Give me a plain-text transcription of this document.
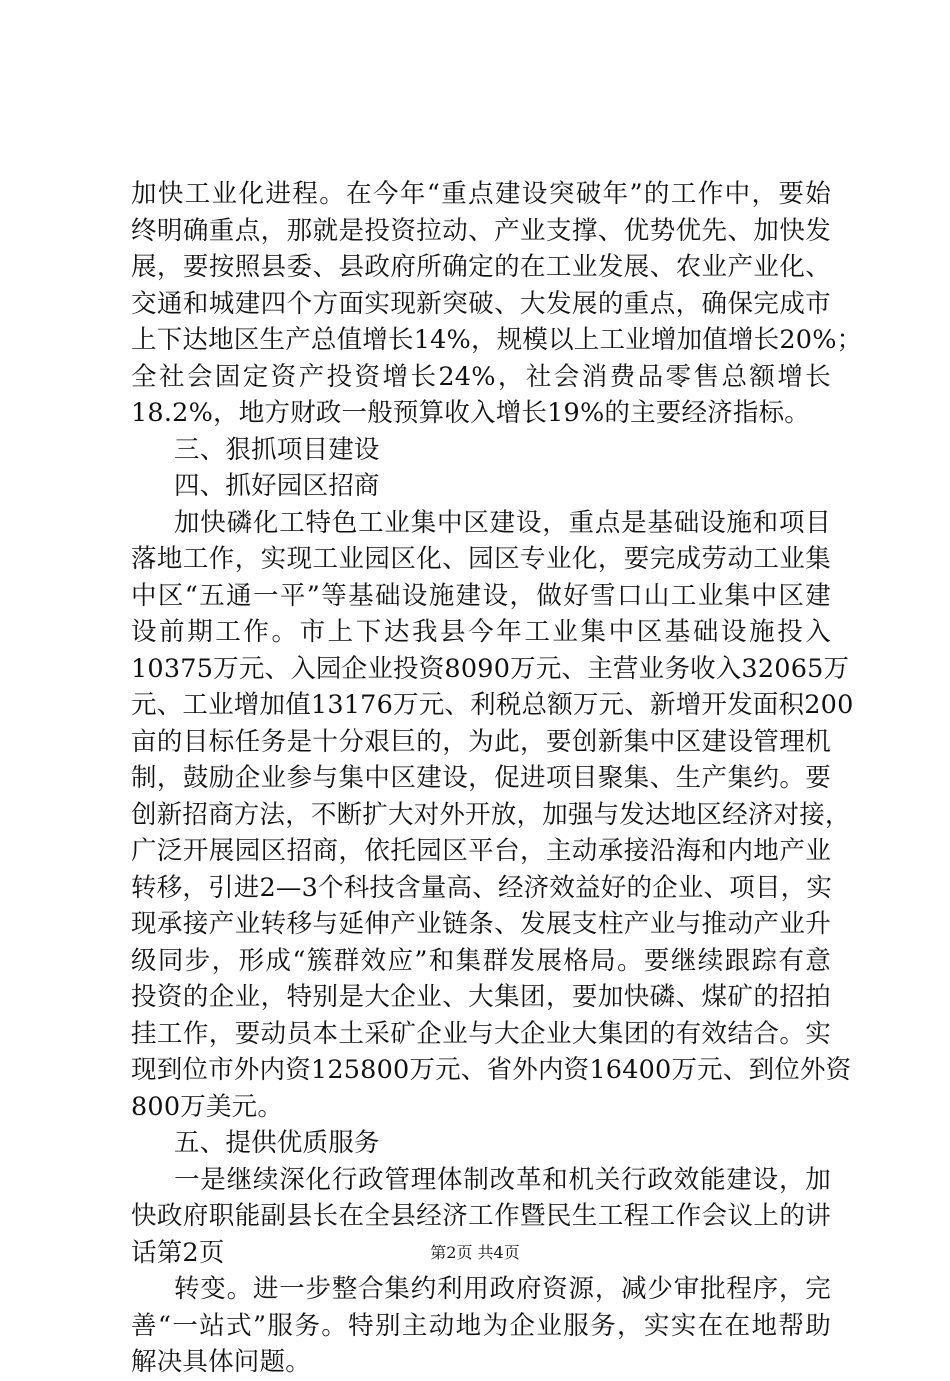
加快工业化进程。在今年“重点建设突破年”的工作中，要始
终明确重点，那就是投资拉动、产业支撑、优势优先、加快发
展，要按照县委、县政府所确定的在工业发展、农业产业化、
交通和城建四个方面实现新突破、大发展的重点，确保完成市
上下达地区生产总值增长14%，规模以上工业增加值增长20%；
全社会固定资产投资增长24%，社会消费品零售总额增长
18.2%，地方财政一般预算收入增长19%的主要经济指标。
三、狠抓项目建设
四、抓好园区招商
加快磷化工特色工业集中区建设，重点是基础设施和项目
落地工作，实现工业园区化、园区专业化，要完成劳动工业集
中区“五通一平”等基础设施建设，做好雪口山工业集中区建
设前期工作。市上下达我县今年工业集中区基础设施投入
10375万元、入园企业投资8090万元、主营业务收入32065万
元、工业增加值13176万元、利税总额万元、新增开发面积200
亩的目标任务是十分艰巨的，为此，要创新集中区建设管理机
制，鼓励企业参与集中区建设，促进项目聚集、生产集约。要
创新招商方法，不断扩大对外开放，加强与发达地区经济对接，
广泛开展园区招商，依托园区平台，主动承接沿海和内地产业
转移，引进2—3个科技含量高、经济效益好的企业、项目，实
现承接产业转移与延伸产业链条、发展支柱产业与推动产业升
级同步，形成“簇群效应”和集群发展格局。要继续跟踪有意
投资的企业，特别是大企业、大集团，要加快磷、煤矿的招拍
挂工作，要动员本土采矿企业与大企业大集团的有效结合。实
现到位市外内资125800万元、省外内资16400万元、到位外资
800万美元。
五、提供优质服务
一是继续深化行政管理体制改革和机关行政效能建设，加
快政府职能副县长在全县经济工作暨民生工程工作会议上的讲
话第2页
转变。进一步整合集约利用政府资源，减少审批程序，完
善“一站式”服务。特别主动地为企业服务，实实在在地帮助
解决具体问题。
第2页 共4页
